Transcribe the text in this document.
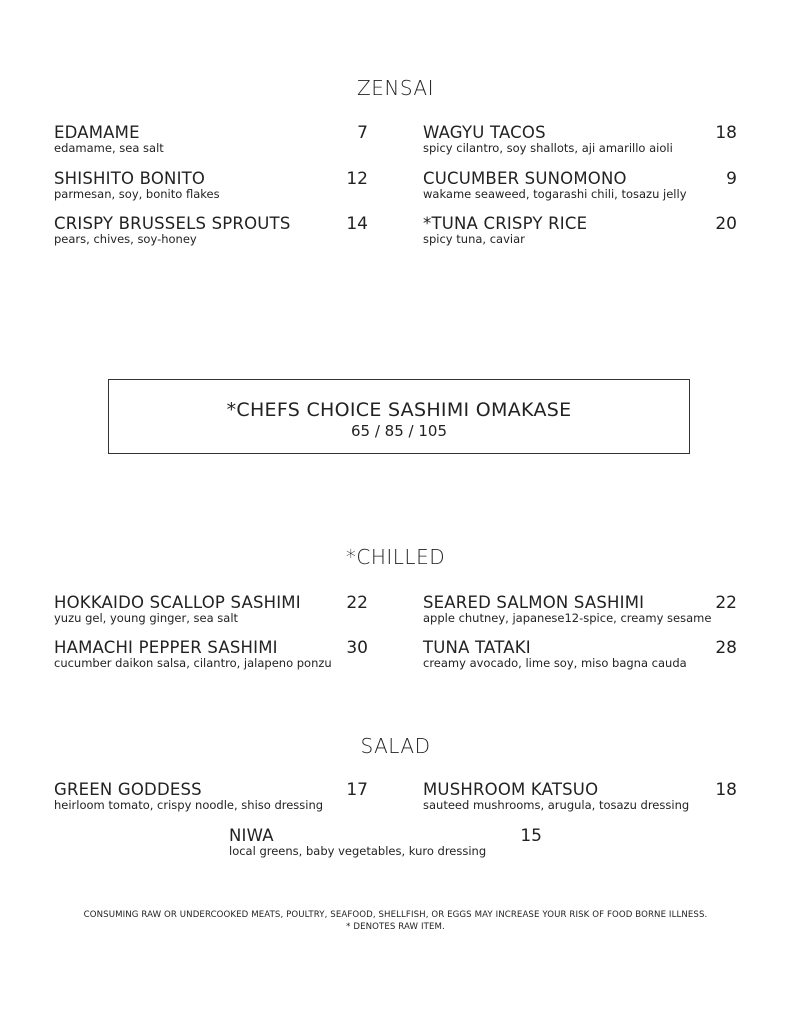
ZENSAI
EDAMAME	7
edamame, sea salt
SHISHITO BONITO	12
parmesan, soy, bonito flakes
CRISPY BRUSSELS SPROUTS	14
pears, chives, soy-honey
WAGYU TACOS	18
spicy cilantro, soy shallots, aji amarillo aioli
CUCUMBER SUNOMONO	9
wakame seaweed, togarashi chili, tosazu jelly
*TUNA CRISPY RICE	20
spicy tuna, caviar
*CHEFS CHOICE SASHIMI OMAKASE
65 / 85 / 105
*CHILLED
HOKKAIDO SCALLOP SASHIMI	22
yuzu gel, young ginger, sea salt
HAMACHI PEPPER SASHIMI	30
cucumber daikon salsa, cilantro, jalapeno ponzu
SEARED SALMON SASHIMI	22
apple chutney, japanese12-spice, creamy sesame
TUNA TATAKI	28
creamy avocado, lime soy, miso bagna cauda
SALAD
GREEN GODDESS	17
heirloom tomato, crispy noodle, shiso dressing
MUSHROOM KATSUO	18
sauteed mushrooms, arugula, tosazu dressing
NIWA	15
local greens, baby vegetables, kuro dressing
CONSUMING RAW OR UNDERCOOKED MEATS, POULTRY, SEAFOOD, SHELLFISH, OR EGGS MAY INCREASE YOUR RISK OF FOOD BORNE ILLNESS.
* DENOTES RAW ITEM.
